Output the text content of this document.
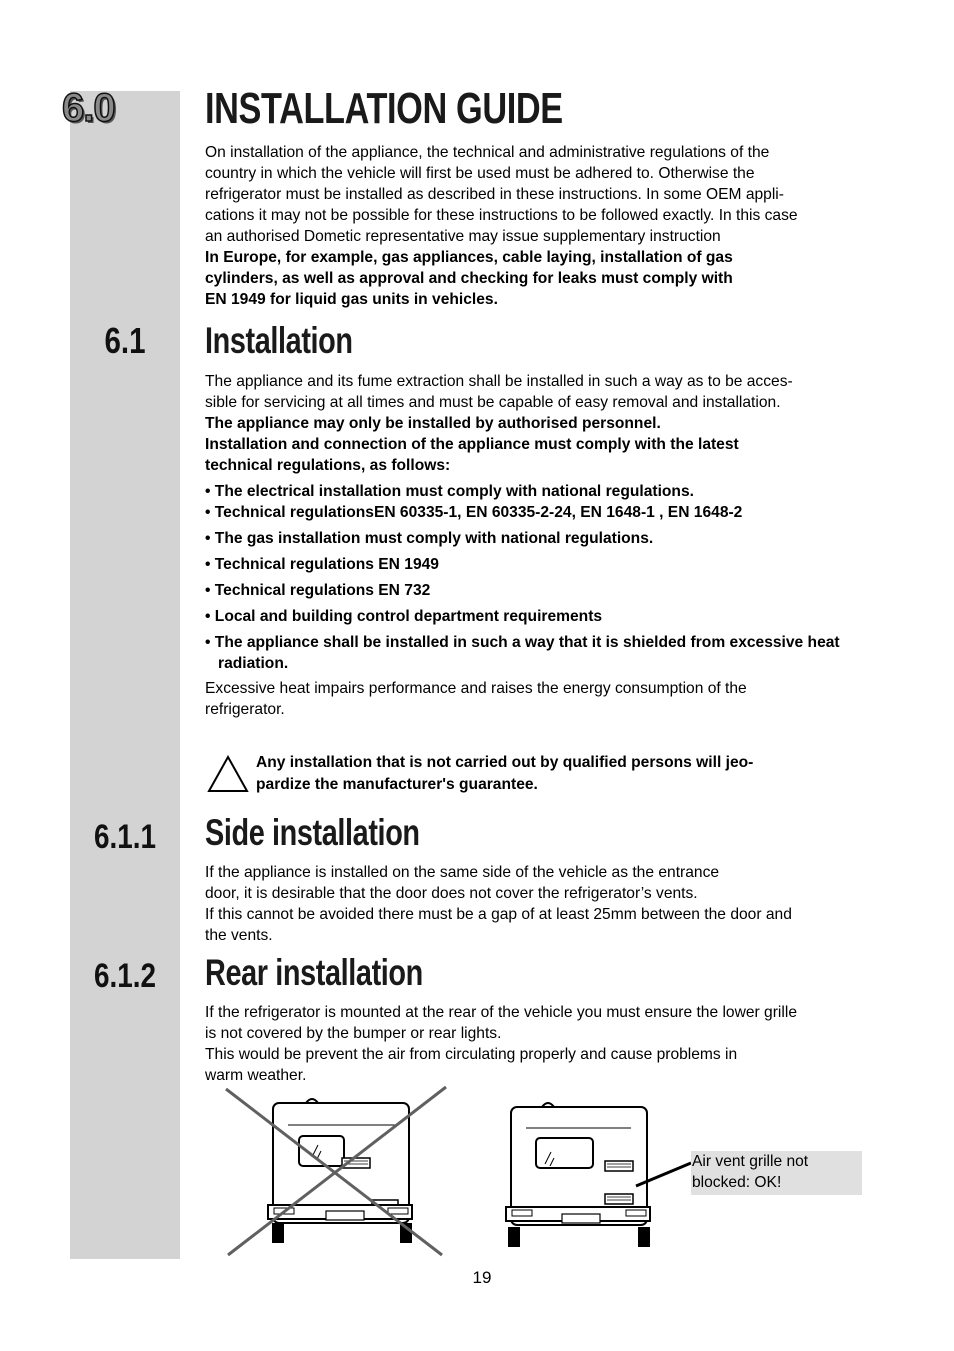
6.0	INSTALLATION GUIDE

On installation of the appliance, the technical and administrative regulations of the
country in which the vehicle will first be used must be adhered to. Otherwise the
refrigerator must be installed as described in these instructions. In some OEM appli-
cations it may not be possible for these instructions to be followed exactly. In this case
an authorised Dometic representative may issue supplementary instruction
In Europe, for example, gas appliances, cable laying, installation of gas
cylinders, as well as approval and checking for leaks must comply with
EN 1949 for liquid gas units in vehicles.

6.1	Installation

The appliance and its fume extraction shall be installed in such a way as to be acces-
sible for servicing at all times and must be capable of easy removal and installation.
The appliance may only be installed by authorised personnel.
Installation and connection of the appliance must comply with the latest
technical regulations, as follows:

• The electrical installation must comply with national regulations.
• Technical regulationsEN 60335-1, EN 60335-2-24, EN 1648-1 , EN 1648-2
• The gas installation must comply with national regulations.
• Technical regulations EN 1949
• Technical regulations EN 732
• Local and building control department requirements
• The appliance shall be installed in such a way that it is shielded from excessive heat radiation.

Excessive heat impairs performance and raises the energy consumption of the
refrigerator.

Any installation that is not carried out by qualified persons will jeo-
pardize the manufacturer's guarantee.

6.1.1	Side installation

If the appliance is installed on the same side of the vehicle as the entrance
door, it is desirable that the door does not cover the refrigerator’s vents.
If this cannot be avoided there must be a gap of at least 25mm between the door and
the vents.

6.1.2	Rear installation

If the refrigerator is mounted at the rear of the vehicle you must ensure the lower grille
is not covered by the bumper or rear lights.
This would be prevent the air from circulating properly and cause problems in
warm weather.

Air vent grille not
blocked: OK!
19
